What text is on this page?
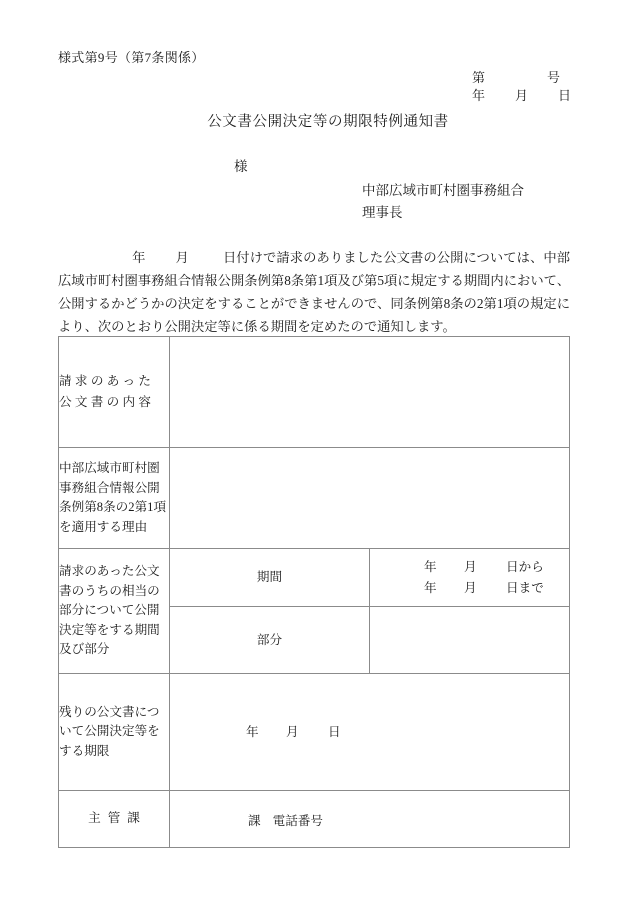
様式第9号（第7条関係）
第	号
年 月 日
公文書公開決定等の期限特例通知書
様
中部広域市町村圏事務組合
理事長
年 月	日付けで請求のありました公文書の公開については、中部広域市町村圏事務組合情報公開条例第8条第1項及び第5項に規定する期間内において、公開するかどうかの決定をすることができませんので、同条例第8条の2第1項の規定により、次のとおり公開決定等に係る期間を定めたので通知します。
請求のあった
公文書の内容		

中部広域市町村圏事務組合情報公開条例第8条の2第1項を適用する理由		
請求のあった公文書のうちの相当の部分について公開決定等をする期間及び部分	期間	年 月 日から
年 月 日まで

	部分	
残りの公文書について公開決定等をする期限	年 月 日	

主管課	課 電話番号	
